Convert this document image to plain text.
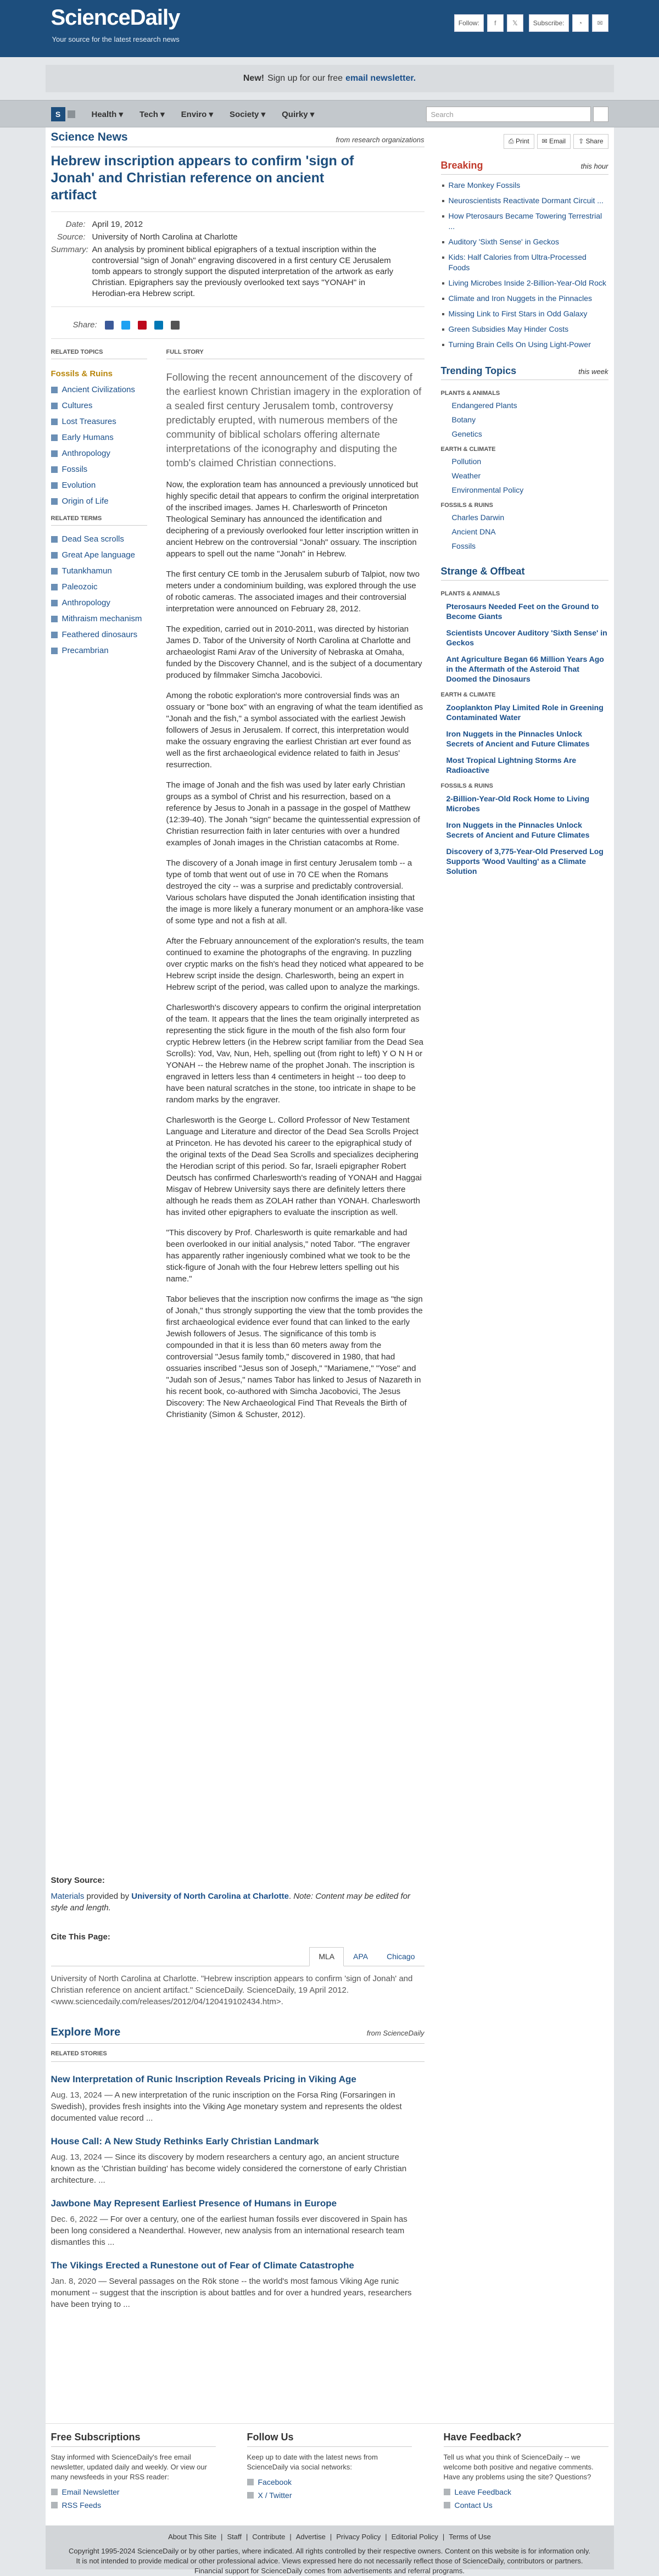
ScienceDaily
Your source for the latest research news
Follow:	f	𝕏	Subscribe:	◔	✉
New! Sign up for our free email newsletter.
S	Health ▾ Tech ▾ Enviro ▾ Society ▾ Quirky ▾	Search
Science News	from research organizations
Hebrew inscription appears to confirm 'sign of Jonah' and Christian reference on ancient artifact
Date: April 19, 2012
Source: University of North Carolina at Charlotte
Summary: An analysis by prominent biblical epigraphers of a textual inscription within the controversial "sign of Jonah" engraving discovered in a first century CE Jerusalem tomb appears to strongly support the disputed interpretation of the artwork as early Christian. Epigraphers say the previously overlooked text says "YONAH" in Herodian-era Hebrew script.
Share:
RELATED TOPICS
Fossils & Ruins
Ancient Civilizations
Cultures
Lost Treasures
Early Humans
Anthropology
Fossils
Evolution
Origin of Life
RELATED TERMS
Dead Sea scrolls
Great Ape language
Tutankhamun
Paleozoic
Anthropology
Mithraism mechanism
Feathered dinosaurs
Precambrian
FULL STORY
Following the recent announcement of the discovery of the earliest known Christian imagery in the exploration of a sealed first century Jerusalem tomb, controversy predictably erupted, with numerous members of the community of biblical scholars offering alternate interpretations of the iconography and disputing the tomb's claimed Christian connections.

Now, the exploration team has announced a previously unnoticed but highly specific detail that appears to confirm the original interpretation of the inscribed images. James H. Charlesworth of Princeton Theological Seminary has announced the identification and deciphering of a previously overlooked four letter inscription written in ancient Hebrew on the controversial "Jonah" ossuary. The inscription appears to spell out the name "Jonah" in Hebrew.

The first century CE tomb in the Jerusalem suburb of Talpiot, now two meters under a condominium building, was explored through the use of robotic cameras. The associated images and their controversial interpretation were announced on February 28, 2012.

The expedition, carried out in 2010-2011, was directed by historian James D. Tabor of the University of North Carolina at Charlotte and archaeologist Rami Arav of the University of Nebraska at Omaha, funded by the Discovery Channel, and is the subject of a documentary produced by filmmaker Simcha Jacobovici.

Among the robotic exploration's more controversial finds was an ossuary or "bone box" with an engraving of what the team identified as "Jonah and the fish," a symbol associated with the earliest Jewish followers of Jesus in Jerusalem. If correct, this interpretation would make the ossuary engraving the earliest Christian art ever found as well as the first archaeological evidence related to faith in Jesus' resurrection.

The image of Jonah and the fish was used by later early Christian groups as a symbol of Christ and his resurrection, based on a reference by Jesus to Jonah in a passage in the gospel of Matthew (12:39-40). The Jonah "sign" became the quintessential expression of Christian resurrection faith in later centuries with over a hundred examples of Jonah images in the Christian catacombs at Rome.

The discovery of a Jonah image in first century Jerusalem tomb -- a type of tomb that went out of use in 70 CE when the Romans destroyed the city -- was a surprise and predictably controversial. Various scholars have disputed the Jonah identification insisting that the image is more likely a funerary monument or an amphora-like vase of some type and not a fish at all.

After the February announcement of the exploration's results, the team continued to examine the photographs of the engraving. In puzzling over cryptic marks on the fish's head they noticed what appeared to be Hebrew script inside the design. Charlesworth, being an expert in Hebrew script of the period, was called upon to analyze the markings.

Charlesworth's discovery appears to confirm the original interpretation of the team. It appears that the lines the team originally interpreted as representing the stick figure in the mouth of the fish also form four cryptic Hebrew letters (in the Hebrew script familiar from the Dead Sea Scrolls): Yod, Vav, Nun, Heh, spelling out (from right to left) Y O N H or YONAH -- the Hebrew name of the prophet Jonah. The inscription is engraved in letters less than 4 centimeters in height -- too deep to have been natural scratches in the stone, too intricate in shape to be random marks by the engraver.

Charlesworth is the George L. Collord Professor of New Testament Language and Literature and director of the Dead Sea Scrolls Project at Princeton. He has devoted his career to the epigraphical study of the original texts of the Dead Sea Scrolls and specializes deciphering the Herodian script of this period. So far, Israeli epigrapher Robert Deutsch has confirmed Charlesworth's reading of YONAH and Haggai Misgav of Hebrew University says there are definitely letters there although he reads them as ZOLAH rather than YONAH. Charlesworth has invited other epigraphers to evaluate the inscription as well.

"This discovery by Prof. Charlesworth is quite remarkable and had been overlooked in our initial analysis," noted Tabor. "The engraver has apparently rather ingeniously combined what we took to be the stick-figure of Jonah with the four Hebrew letters spelling out his name."

Tabor believes that the inscription now confirms the image as "the sign of Jonah," thus strongly supporting the view that the tomb provides the first archaeological evidence ever found that can linked to the early Jewish followers of Jesus. The significance of this tomb is compounded in that it is less than 60 meters away from the controversial "Jesus family tomb," discovered in 1980, that had ossuaries inscribed "Jesus son of Joseph," "Mariamene," "Yose" and "Judah son of Jesus," names Tabor has linked to Jesus of Nazareth in his recent book, co-authored with Simcha Jacobovici, The Jesus Discovery: The New Archaeological Find That Reveals the Birth of Christianity (Simon & Schuster, 2012).

Story Source:

Materials provided by University of North Carolina at Charlotte. Note: Content may be edited for style and length.

Cite This Page:
MLA	APA	Chicago
University of North Carolina at Charlotte. "Hebrew inscription appears to confirm 'sign of Jonah' and Christian reference on ancient artifact." ScienceDaily. ScienceDaily, 19 April 2012. <www.sciencedaily.com/releases/2012/04/120419102434.htm>.
Explore More	from ScienceDaily
RELATED STORIES
New Interpretation of Runic Inscription Reveals Pricing in Viking Age

Aug. 13, 2024 — A new interpretation of the runic inscription on the Forsa Ring (Forsaringen in Swedish), provides fresh insights into the Viking Age monetary system and represents the oldest documented value record ...

House Call: A New Study Rethinks Early Christian Landmark

Aug. 13, 2024 — Since its discovery by modern researchers a century ago, an ancient structure known as the 'Christian building' has become widely considered the cornerstone of early Christian architecture. ...

Jawbone May Represent Earliest Presence of Humans in Europe

Dec. 6, 2022 — For over a century, one of the earliest human fossils ever discovered in Spain has been long considered a Neanderthal. However, new analysis from an international research team dismantles this ...

The Vikings Erected a Runestone out of Fear of Climate Catastrophe

Jan. 8, 2020 — Several passages on the Rök stone -- the world's most famous Viking Age runic monument -- suggest that the inscription is about battles and for over a hundred years, researchers have been trying to ...

⎙ Print	✉ Email	⇪ Share
Breaking	this hour
Rare Monkey Fossils
Neuroscientists Reactivate Dormant Circuit ...
How Pterosaurs Became Towering Terrestrial ...
Auditory 'Sixth Sense' in Geckos
Kids: Half Calories from Ultra-Processed Foods
Living Microbes Inside 2-Billion-Year-Old Rock
Climate and Iron Nuggets in the Pinnacles
Missing Link to First Stars in Odd Galaxy
Green Subsidies May Hinder Costs
Turning Brain Cells On Using Light-Power
Trending Topics	this week
PLANTS & ANIMALS
Endangered Plants
Botany
Genetics
EARTH & CLIMATE
Pollution
Weather
Environmental Policy
FOSSILS & RUINS
Charles Darwin
Ancient DNA
Fossils
Strange & Offbeat
PLANTS & ANIMALS
Pterosaurs Needed Feet on the Ground to Become Giants
Scientists Uncover Auditory 'Sixth Sense' in Geckos
Ant Agriculture Began 66 Million Years Ago in the Aftermath of the Asteroid That Doomed the Dinosaurs
EARTH & CLIMATE
Zooplankton Play Limited Role in Greening Contaminated Water
Iron Nuggets in the Pinnacles Unlock Secrets of Ancient and Future Climates
Most Tropical Lightning Storms Are Radioactive
FOSSILS & RUINS
2-Billion-Year-Old Rock Home to Living Microbes
Iron Nuggets in the Pinnacles Unlock Secrets of Ancient and Future Climates
Discovery of 3,775-Year-Old Preserved Log Supports 'Wood Vaulting' as a Climate Solution
Free Subscriptions

Stay informed with ScienceDaily's free email newsletter, updated daily and weekly. Or view our many newsfeeds in your RSS reader:

Email Newsletter
RSS Feeds
Follow Us

Keep up to date with the latest news from ScienceDaily via social networks:

Facebook
X / Twitter
Have Feedback?

Tell us what you think of ScienceDaily -- we welcome both positive and negative comments. Have any problems using the site? Questions?

Leave Feedback
Contact Us
About This Site | Staff | Contribute | Advertise | Privacy Policy | Editorial Policy | Terms of Use
Copyright 1995-2024 ScienceDaily or by other parties, where indicated. All rights controlled by their respective owners. Content on this website is for information only. It is not intended to provide medical or other professional advice. Views expressed here do not necessarily reflect those of ScienceDaily, contributors or partners. Financial support for ScienceDaily comes from advertisements and referral programs.
